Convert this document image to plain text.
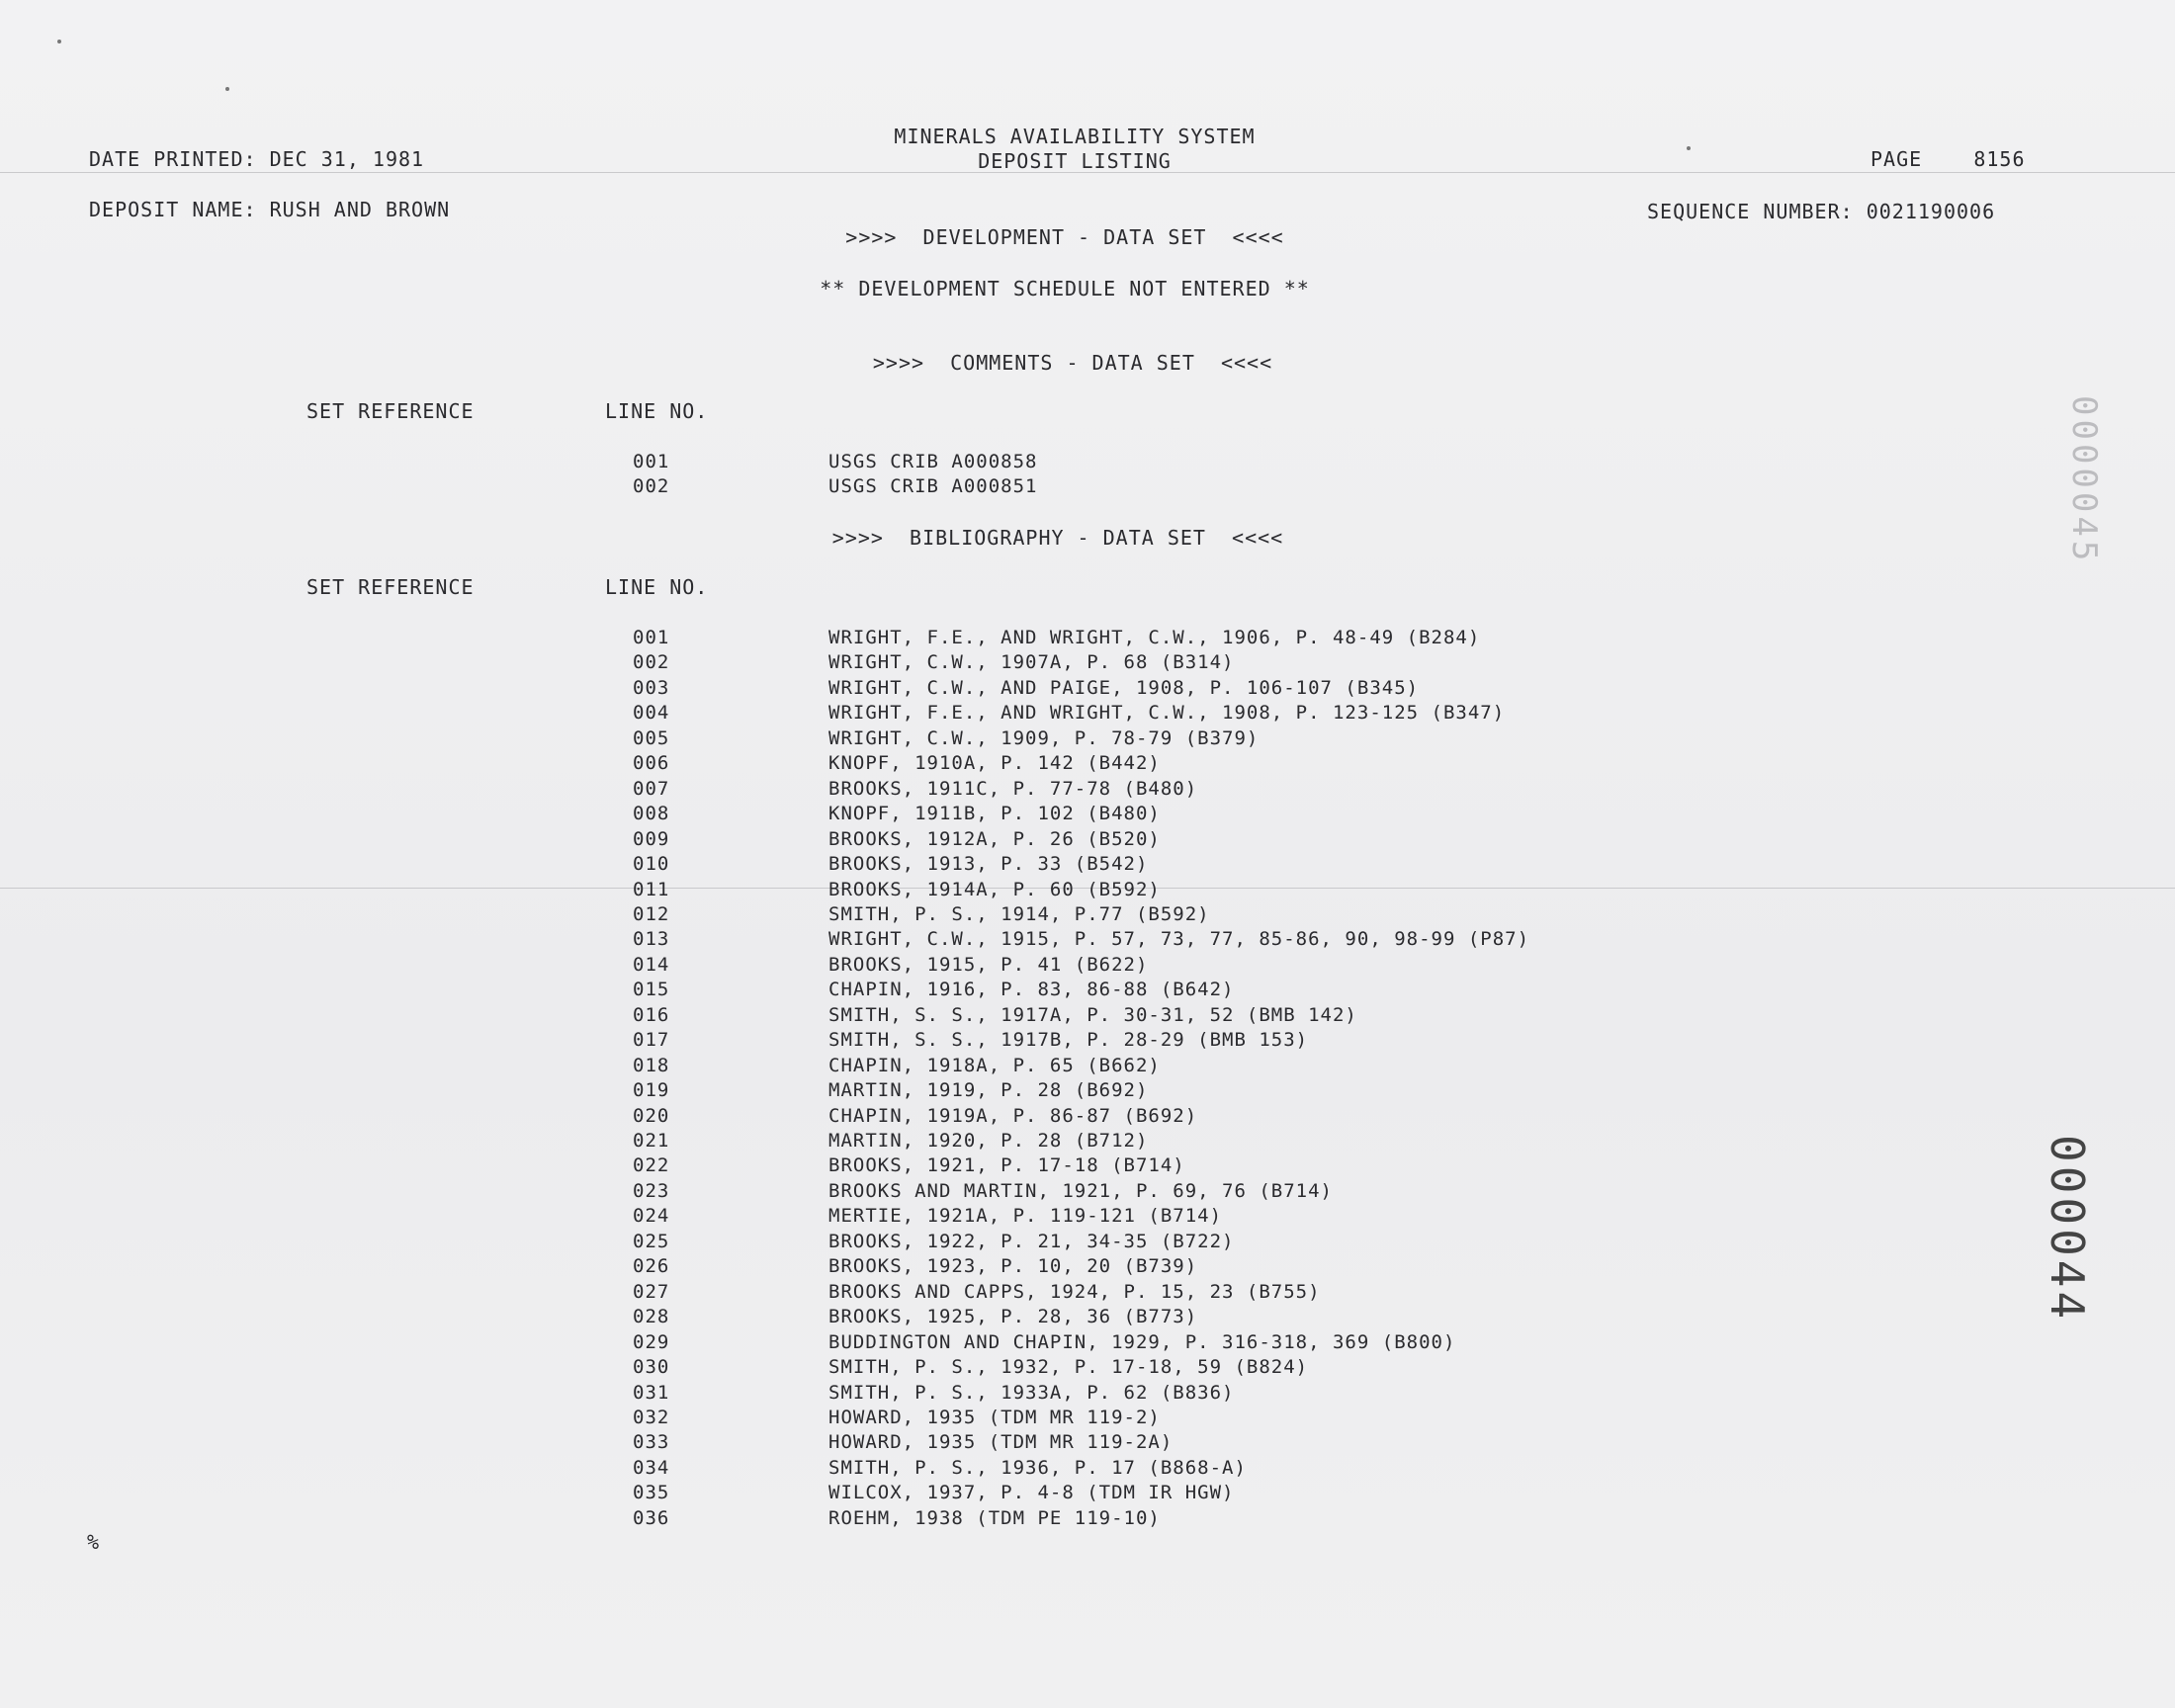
MINERALS AVAILABILITY SYSTEM
DEPOSIT LISTING
DATE PRINTED: DEC 31, 1981	PAGE    8156
DEPOSIT NAME: RUSH AND BROWN	SEQUENCE NUMBER: 0021190006
>>>>  DEVELOPMENT - DATA SET  <<<<
** DEVELOPMENT SCHEDULE NOT ENTERED **
>>>>  COMMENTS - DATA SET  <<<<
SET REFERENCE	LINE NO.
001	USGS CRIB A000858
002	USGS CRIB A000851
>>>>  BIBLIOGRAPHY - DATA SET  <<<<
SET REFERENCE	LINE NO.
001	WRIGHT, F.E., AND WRIGHT, C.W., 1906, P. 48-49 (B284)
002	WRIGHT, C.W., 1907A, P. 68 (B314)
003	WRIGHT, C.W., AND PAIGE, 1908, P. 106-107 (B345)
004	WRIGHT, F.E., AND WRIGHT, C.W., 1908, P. 123-125 (B347)
005	WRIGHT, C.W., 1909, P. 78-79 (B379)
006	KNOPF, 1910A, P. 142 (B442)
007	BROOKS, 1911C, P. 77-78 (B480)
008	KNOPF, 1911B, P. 102 (B480)
009	BROOKS, 1912A, P. 26 (B520)
010	BROOKS, 1913, P. 33 (B542)
011	BROOKS, 1914A, P. 60 (B592)
012	SMITH, P. S., 1914, P.77 (B592)
013	WRIGHT, C.W., 1915, P. 57, 73, 77, 85-86, 90, 98-99 (P87)
014	BROOKS, 1915, P. 41 (B622)
015	CHAPIN, 1916, P. 83, 86-88 (B642)
016	SMITH, S. S., 1917A, P. 30-31, 52 (BMB 142)
017	SMITH, S. S., 1917B, P. 28-29 (BMB 153)
018	CHAPIN, 1918A, P. 65 (B662)
019	MARTIN, 1919, P. 28 (B692)
020	CHAPIN, 1919A, P. 86-87 (B692)
021	MARTIN, 1920, P. 28 (B712)
022	BROOKS, 1921, P. 17-18 (B714)
023	BROOKS AND MARTIN, 1921, P. 69, 76 (B714)
024	MERTIE, 1921A, P. 119-121 (B714)
025	BROOKS, 1922, P. 21, 34-35 (B722)
026	BROOKS, 1923, P. 10, 20 (B739)
027	BROOKS AND CAPPS, 1924, P. 15, 23 (B755)
028	BROOKS, 1925, P. 28, 36 (B773)
029	BUDDINGTON AND CHAPIN, 1929, P. 316-318, 369 (B800)
030	SMITH, P. S., 1932, P. 17-18, 59 (B824)
031	SMITH, P. S., 1933A, P. 62 (B836)
032	HOWARD, 1935 (TDM MR 119-2)
033	HOWARD, 1935 (TDM MR 119-2A)
034	SMITH, P. S., 1936, P. 17 (B868-A)
035	WILCOX, 1937, P. 4-8 (TDM IR HGW)
036	ROEHM, 1938 (TDM PE 119-10)
%
000044
0000045
